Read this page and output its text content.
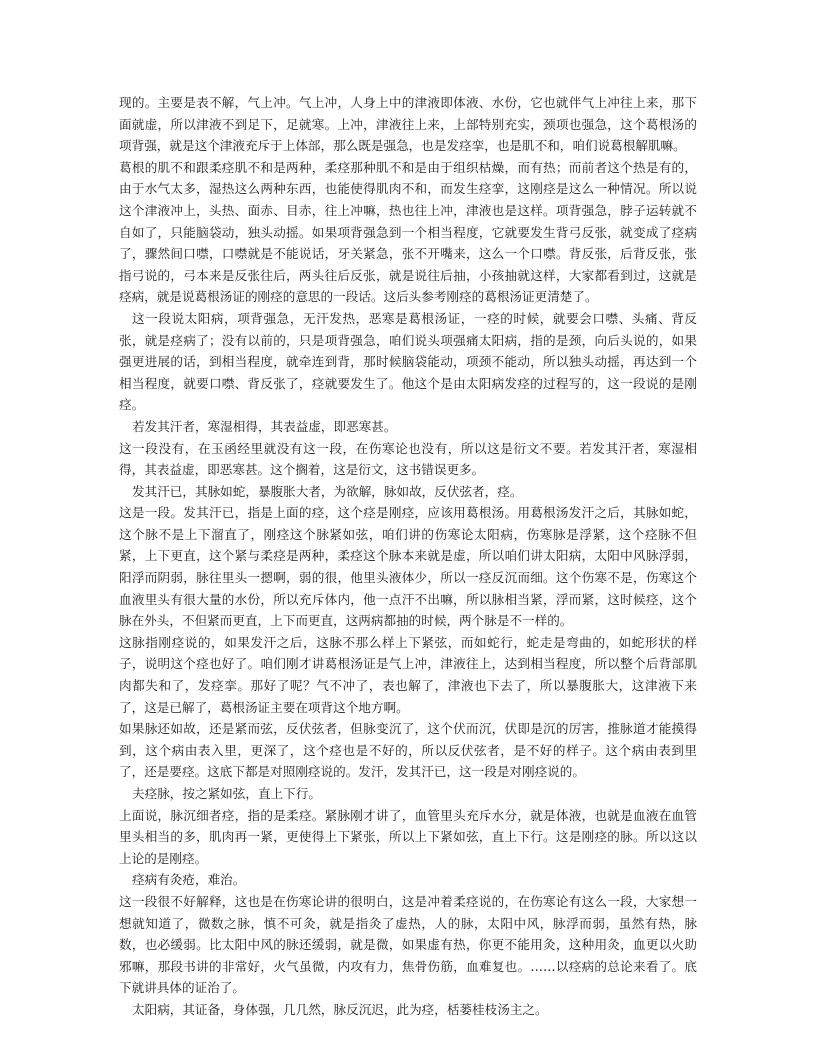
现的。主要是表不解，气上冲。气上冲，人身上中的津液即体液、水份，它也就伴气上冲往上来，那下面就虚，所以津液不到足下，足就寒。上冲，津液往上来，上部特别充实，颈项也强急，这个葛根汤的项背强，就是这个津液充斥于上体部，那么既是强急，也是发痉挛，也是肌不和，咱们说葛根解肌嘛。

葛根的肌不和跟柔痉肌不和是两种，柔痉那种肌不和是由于组织枯燥，而有热；而前者这个热是有的，由于水气太多，湿热这么两种东西，也能使得肌肉不和，而发生痉挛，这刚痉是这么一种情况。所以说这个津液冲上，头热、面赤、目赤，往上冲嘛，热也往上冲，津液也是这样。项背强急，脖子运转就不自如了，只能脑袋动，独头动摇。如果项背强急到一个相当程度，它就要发生背弓反张，就变成了痉病了，骤然间口噤，口噤就是不能说话，牙关紧急，张不开嘴来，这么一个口噤。背反张，后背反张，张指弓说的，弓本来是反张往后，两头往后反张，就是说往后抽，小孩抽就这样，大家都看到过，这就是痉病，就是说葛根汤证的刚痉的意思的一段话。这后头参考刚痉的葛根汤证更清楚了。

这一段说太阳病，项背强急，无汗发热，恶寒是葛根汤证，一痉的时候，就要会口噤、头痛、背反张，就是痉病了；没有以前的，只是项背强急，咱们说头项强痛太阳病，指的是颈，向后头说的，如果强更进展的话，到相当程度，就牵连到背，那时候脑袋能动，项颈不能动，所以独头动摇，再达到一个相当程度，就要口噤、背反张了，痉就要发生了。他这个是由太阳病发痉的过程写的，这一段说的是刚痉。

若发其汗者，寒湿相得，其表益虚，即恶寒甚。

这一段没有，在玉函经里就没有这一段，在伤寒论也没有，所以这是衍文不要。若发其汗者，寒湿相得，其表益虚，即恶寒甚。这个搁着，这是衍文，这书错误更多。

发其汗已，其脉如蛇，暴腹胀大者，为欲解，脉如故，反伏弦者，痉。

这是一段。发其汗已，指是上面的痉，这个痉是刚痉，应该用葛根汤。用葛根汤发汗之后，其脉如蛇，这个脉不是上下溜直了，刚痉这个脉紧如弦，咱们讲的伤寒论太阳病，伤寒脉是浮紧，这个痉脉不但紧，上下更直，这个紧与柔痉是两种，柔痉这个脉本来就是虚，所以咱们讲太阳病，太阳中风脉浮弱，阳浮而阴弱，脉往里头一摁啊，弱的很，他里头液体少，所以一痉反沉而细。这个伤寒不是，伤寒这个血液里头有很大量的水份，所以充斥体内，他一点汗不出嘛，所以脉相当紧，浮而紧，这时候痉，这个脉在外头，不但紧而更直，上下而更直，这两病都抽的时候，两个脉是不一样的。

这脉指刚痉说的，如果发汗之后，这脉不那么样上下紧弦，而如蛇行，蛇走是弯曲的，如蛇形状的样子，说明这个痉也好了。咱们刚才讲葛根汤证是气上冲，津液往上，达到相当程度，所以整个后背部肌肉都失和了，发痉挛。那好了呢？气不冲了，表也解了，津液也下去了，所以暴腹胀大，这津液下来了，这是已解了，葛根汤证主要在项背这个地方啊。

如果脉还如故，还是紧而弦，反伏弦者，但脉变沉了，这个伏而沉，伏即是沉的厉害，推脉道才能摸得到，这个病由表入里，更深了，这个痉也是不好的，所以反伏弦者，是不好的样子。这个病由表到里了，还是要痉。这底下都是对照刚痉说的。发汗，发其汗已，这一段是对刚痉说的。

夫痉脉，按之紧如弦，直上下行。

上面说，脉沉细者痉，指的是柔痉。紧脉刚才讲了，血管里头充斥水分，就是体液，也就是血液在血管里头相当的多，肌肉再一紧，更使得上下紧张，所以上下紧如弦，直上下行。这是刚痉的脉。所以这以上论的是刚痉。

痉病有灸疮，难治。

这一段很不好解释，这也是在伤寒论讲的很明白，这是冲着柔痉说的，在伤寒论有这么一段，大家想一想就知道了，微数之脉，慎不可灸，就是指灸了虚热，人的脉，太阳中风，脉浮而弱，虽然有热，脉数，也必缓弱。比太阳中风的脉还缓弱，就是微，如果虚有热，你更不能用灸，这种用灸，血更以火助邪嘛，那段书讲的非常好，火气虽微，内攻有力，焦骨伤筋，血难复也。……以痉病的总论来看了。底下就讲具体的证治了。

太阳病，其证备，身体强，几几然，脉反沉迟，此为痉，栝蒌桂枝汤主之。
